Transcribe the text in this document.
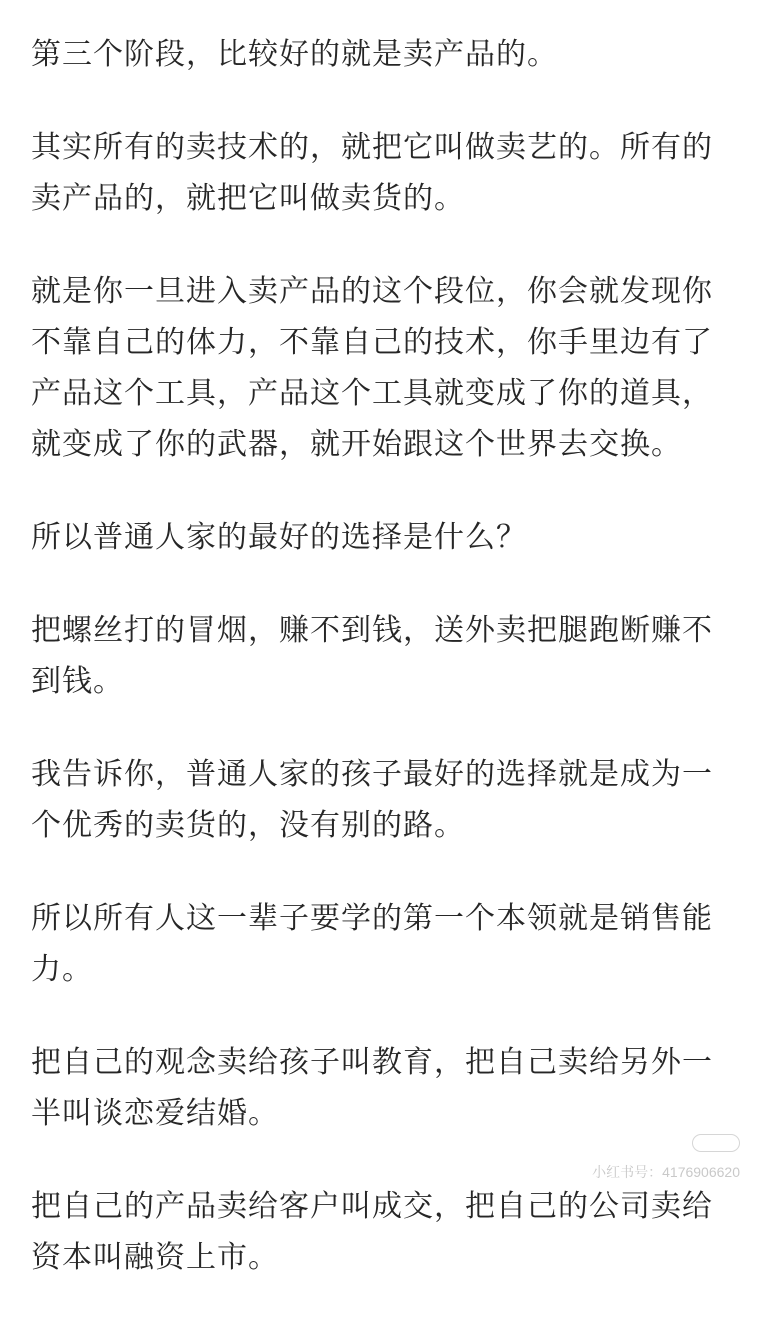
第三个阶段，比较好的就是卖产品的。

其实所有的卖技术的，就把它叫做卖艺的。所有的
卖产品的，就把它叫做卖货的。

就是你一旦进入卖产品的这个段位，你会就发现你
不靠自己的体力，不靠自己的技术，你手里边有了
产品这个工具，产品这个工具就变成了你的道具，
就变成了你的武器，就开始跟这个世界去交换。

所以普通人家的最好的选择是什么？

把螺丝打的冒烟，赚不到钱，送外卖把腿跑断赚不
到钱。

我告诉你，普通人家的孩子最好的选择就是成为一
个优秀的卖货的，没有别的路。

所以所有人这一辈子要学的第一个本领就是销售能
力。

把自己的观念卖给孩子叫教育，把自己卖给另外一
半叫谈恋爱结婚。

把自己的产品卖给客户叫成交，把自己的公司卖给
资本叫融资上市。

小红书号：4176906620
